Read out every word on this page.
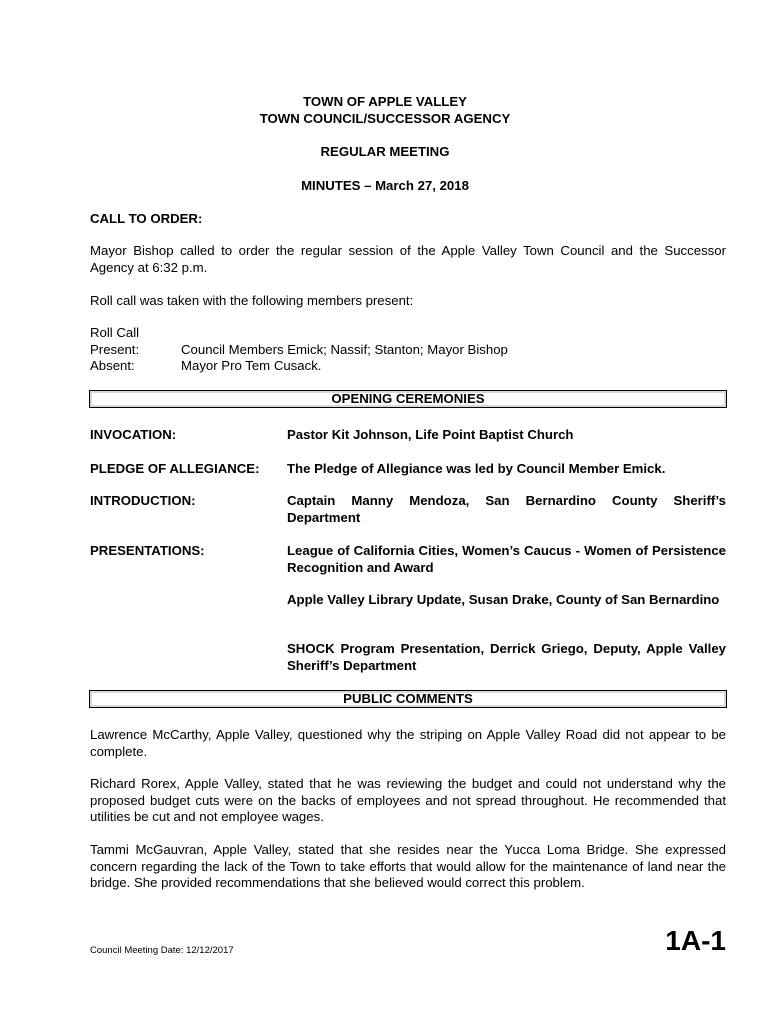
TOWN OF APPLE VALLEY
TOWN COUNCIL/SUCCESSOR AGENCY
REGULAR MEETING
MINUTES – March 27, 2018
CALL TO ORDER:
Mayor Bishop called to order the regular session of the Apple Valley Town Council and the Successor Agency at 6:32 p.m.
Roll call was taken with the following members present:
Roll Call
Present:	Council Members Emick; Nassif; Stanton; Mayor Bishop
Absent:	Mayor Pro Tem Cusack.
OPENING CEREMONIES
INVOCATION:	Pastor Kit Johnson, Life Point Baptist Church
PLEDGE OF ALLEGIANCE: The Pledge of Allegiance was led by Council Member Emick.
INTRODUCTION:	Captain Manny Mendoza, San Bernardino County Sheriff’s Department
PRESENTATIONS:	League of California Cities, Women’s Caucus - Women of Persistence Recognition and Award
Apple Valley Library Update, Susan Drake, County of San Bernardino
SHOCK Program Presentation, Derrick Griego, Deputy, Apple Valley Sheriff’s Department
PUBLIC COMMENTS
Lawrence McCarthy, Apple Valley, questioned why the striping on Apple Valley Road did not appear to be complete.
Richard Rorex, Apple Valley, stated that he was reviewing the budget and could not understand why the proposed budget cuts were on the backs of employees and not spread throughout. He recommended that utilities be cut and not employee wages.
Tammi McGauvran, Apple Valley, stated that she resides near the Yucca Loma Bridge. She expressed concern regarding the lack of the Town to take efforts that would allow for the maintenance of land near the bridge. She provided recommendations that she believed would correct this problem.
Council Meeting Date: 12/12/2017	1A-1
